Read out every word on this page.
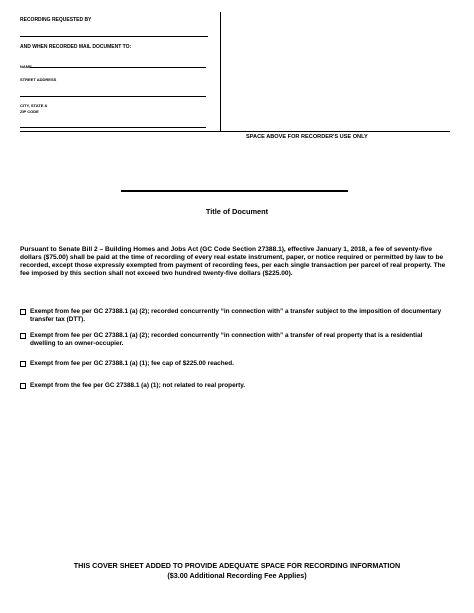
RECORDING REQUESTED BY
AND WHEN RECORDED MAIL DOCUMENT TO:
NAME
STREET ADDRESS
CITY, STATE &
ZIP CODE
SPACE ABOVE FOR RECORDER'S USE ONLY
Title of Document
Pursuant to Senate Bill 2 – Building Homes and Jobs Act (GC Code Section 27388.1), effective January 1, 2018, a fee of seventy-five dollars ($75.00) shall be paid at the time of recording of every real estate instrument, paper, or notice required or permitted by law to be recorded, except those expressly exempted from payment of recording fees, per each single transaction per parcel of real property. The fee imposed by this section shall not exceed two hundred twenty-five dollars ($225.00).
Exempt from fee per GC 27388.1 (a) (2); recorded concurrently “in connection with” a transfer subject to the imposition of documentary transfer tax (DTT).
Exempt from fee per GC 27388.1 (a) (2); recorded concurrently “in connection with” a transfer of real property that is a residential dwelling to an owner-occupier.
Exempt from fee per GC 27388.1 (a) (1); fee cap of $225.00 reached.
Exempt from the fee per GC 27388.1 (a) (1); not related to real property.
THIS COVER SHEET ADDED TO PROVIDE ADEQUATE SPACE FOR RECORDING INFORMATION
($3.00 Additional Recording Fee Applies)
